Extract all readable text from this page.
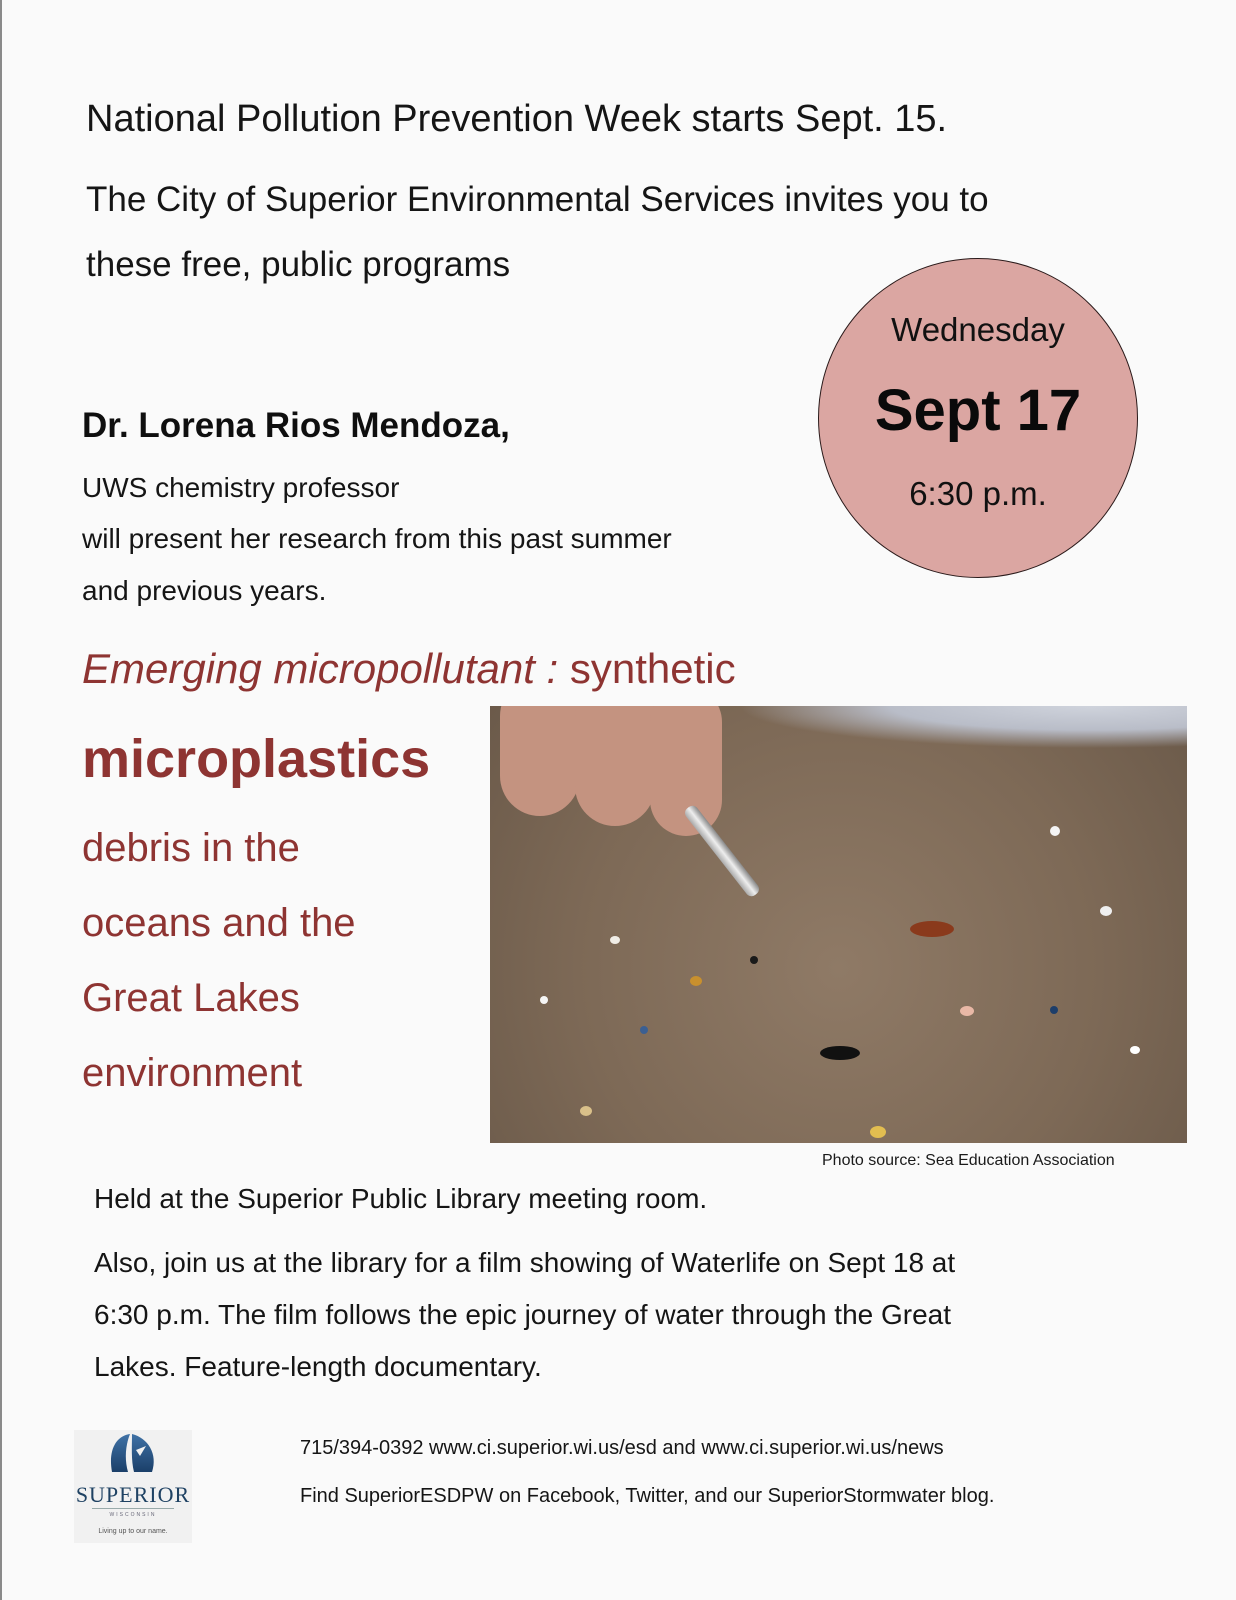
National Pollution Prevention Week starts Sept. 15.
The City of Superior Environmental Services invites you to
these free, public programs
Wednesday
Sept 17
6:30 p.m.
Dr. Lorena Rios Mendoza,
UWS chemistry professor
will present her research from this past summer
and previous years.
Emerging micropollutant : synthetic
microplastics
debris in the
oceans and the
Great Lakes
environment
Photo source: Sea Education Association
Held at the Superior Public Library meeting room.
Also, join us at the library for a film showing of Waterlife on Sept 18 at
6:30 p.m. The film follows the epic journey of water through the Great
Lakes. Feature-length documentary.
SUPERIOR
WISCONSIN
Living up to our name.
715/394-0392 www.ci.superior.wi.us/esd and www.ci.superior.wi.us/news
Find SuperiorESDPW on Facebook, Twitter, and our SuperiorStormwater blog.
